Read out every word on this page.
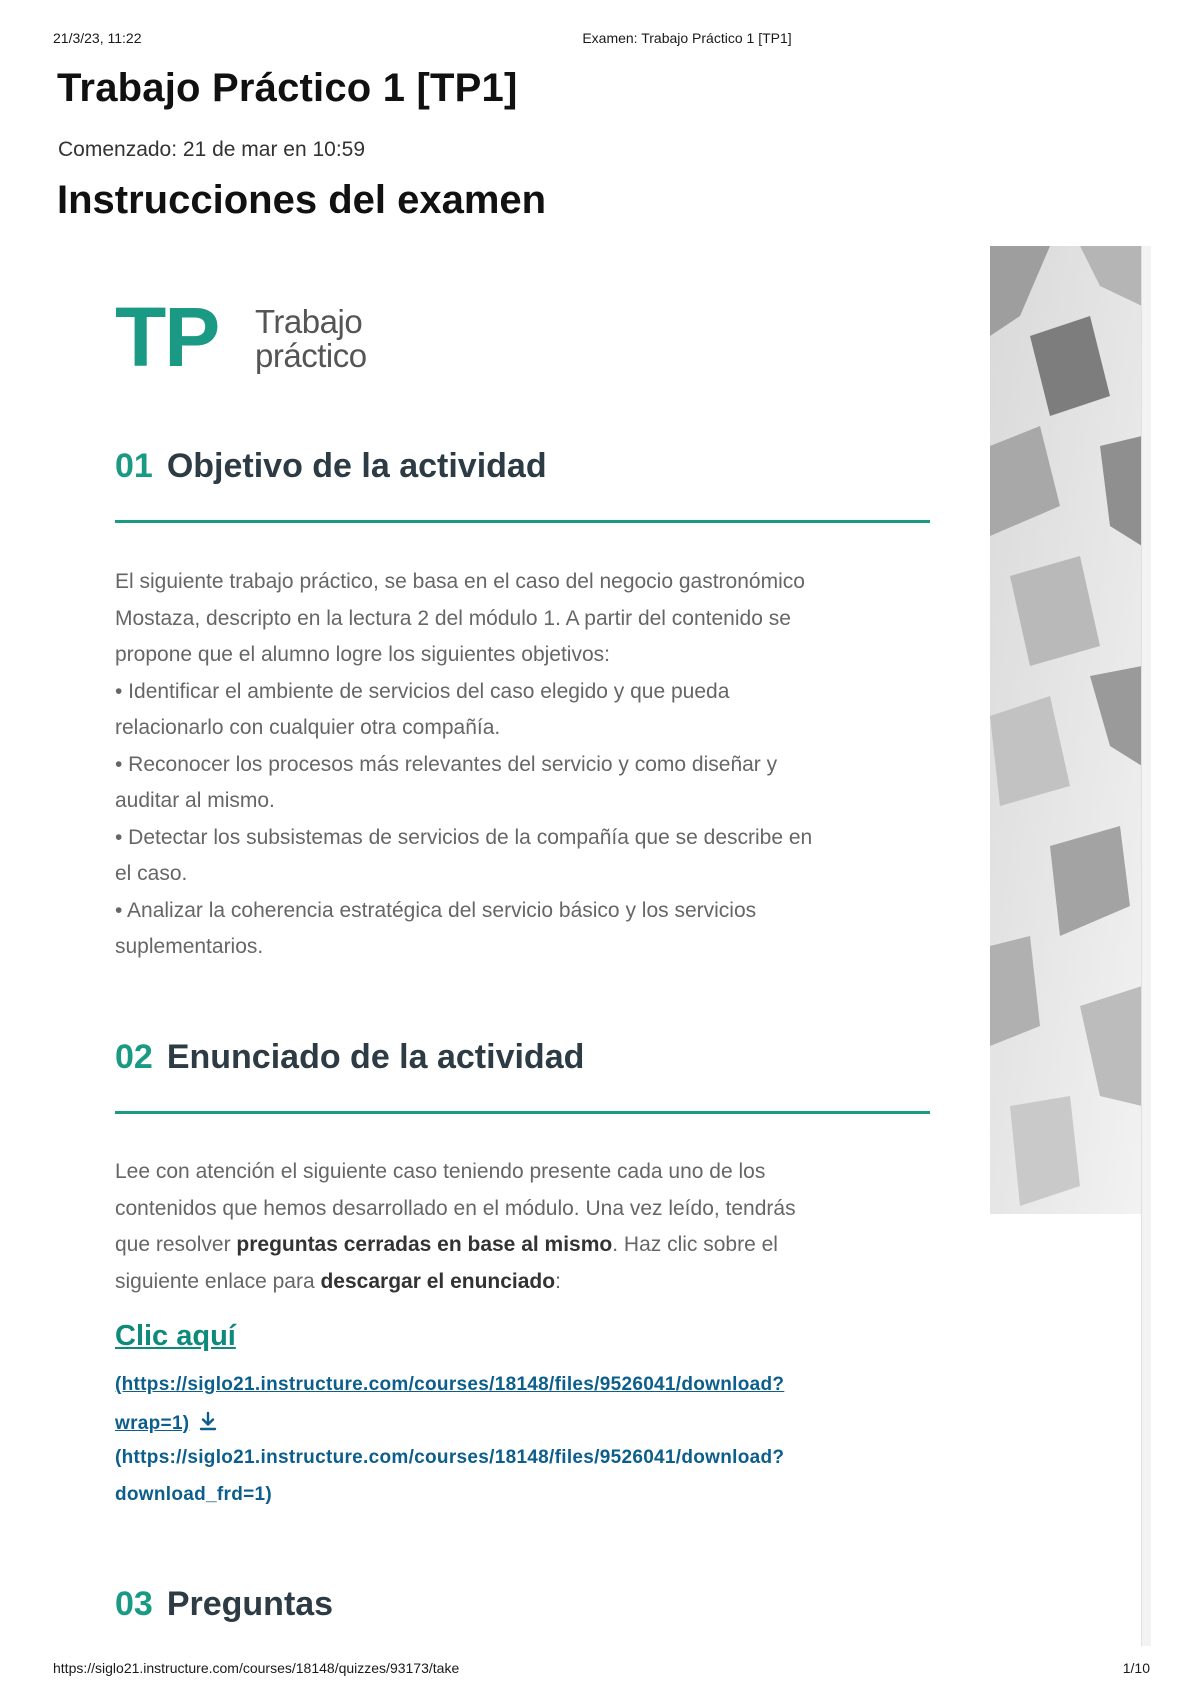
21/3/23, 11:22	Examen: Trabajo Práctico 1 [TP1]
Trabajo Práctico 1 [TP1]
Comenzado: 21 de mar en 10:59
Instrucciones del examen
TP Trabajo
práctico
01 Objetivo de la actividad
El siguiente trabajo práctico, se basa en el caso del negocio gastronómico
Mostaza, descripto en la lectura 2 del módulo 1. A partir del contenido se
propone que el alumno logre los siguientes objetivos:
• Identificar el ambiente de servicios del caso elegido y que pueda
relacionarlo con cualquier otra compañía.
• Reconocer los procesos más relevantes del servicio y como diseñar y
auditar al mismo.
• Detectar los subsistemas de servicios de la compañía que se describe en
el caso.
• Analizar la coherencia estratégica del servicio básico y los servicios
suplementarios.
02 Enunciado de la actividad
Lee con atención el siguiente caso teniendo presente cada uno de los
contenidos que hemos desarrollado en el módulo. Una vez leído, tendrás
que resolver preguntas cerradas en base al mismo. Haz clic sobre el
siguiente enlace para descargar el enunciado:
Clic aquí
(https://siglo21.instructure.com/courses/18148/files/9526041/download?
wrap=1)
(https://siglo21.instructure.com/courses/18148/files/9526041/download?
download_frd=1)
03 Preguntas
https://siglo21.instructure.com/courses/18148/quizzes/93173/take	1/10
